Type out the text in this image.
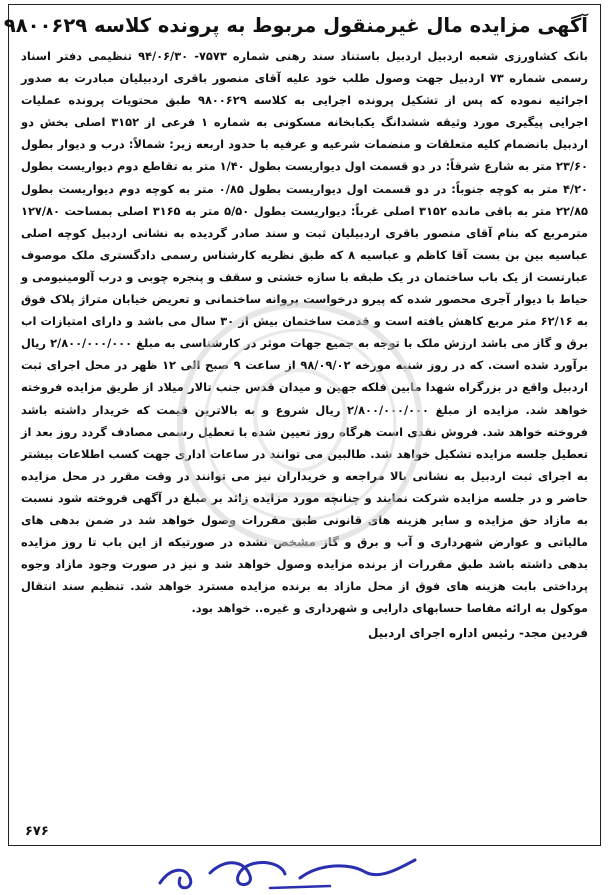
آگهی مزایده مال غیرمنقول مربوط به پرونده کلاسه ۹۸۰۰۶۲۹
بانک کشاورزی شعبه اردبیل اردبیل باستناد سند رهنی شماره ۷۵۷۳- ۹۴/۰۶/۳۰ تنظیمی دفتر اسناد رسمی شماره ۷۳ اردبیل جهت وصول طلب خود علیه آقای منصور باقری اردبیلیان مبادرت به صدور اجرائیه نموده که پس از تشکیل پرونده اجرایی به کلاسه ۹۸۰۰۶۲۹ طبق محتویات پرونده عملیات اجرایی پیگیری مورد وثیقه ششدانگ یکبابخانه مسکونی به شماره ۱ فرعی از ۳۱۵۲ اصلی بخش دو اردبیل بانضمام کلیه متعلقات و منضمات شرعیه و عرفیه با حدود اربعه زیر: شمالاً: درب و دیوار بطول ۲۳/۶۰ متر به شارع شرقاً: در دو قسمت اول دیواریست بطول ۱/۴۰ متر به تقاطع دوم دیواریست بطول ۴/۲۰ متر به کوچه جنوباً: در دو قسمت اول دیواریست بطول ۰/۸۵ متر به کوچه دوم دیواریست بطول ۲۲/۸۵ متر به باقی مانده ۳۱۵۲ اصلی غرباً: دیواریست بطول ۵/۵۰ متر به ۳۱۶۵ اصلی بمساحت ۱۲۷/۸۰ مترمربع که بنام آقای منصور باقری اردبیلیان ثبت و سند صادر گردیده به نشانی اردبیل کوچه اصلی عباسیه بین بن بست آقا کاظم و عباسیه ۸ که طبق نظریه کارشناس رسمی دادگستری ملک موصوف عبارتست از یک باب ساختمان در یک طبقه با سازه خشتی و سقف و پنجره چوبی و درب آلومینیومی و حیاط با دیوار آجری محصور شده که پیرو درخواست پروانه ساختمانی و تعریض خیابان متراژ پلاک فوق به ۶۲/۱۶ متر مربع کاهش یافته است و قدمت ساختمان بیش از ۳۰ سال می باشد و دارای امتیازات اب برق و گاز می باشد ارزش ملک با توجه به جمیع جهات موثر در کارشناسی به مبلغ ۲/۸۰۰/۰۰۰/۰۰۰ ریال برآورد شده است. که در روز شنبه مورخه ۹۸/۰۹/۰۲ از ساعت ۹ صبح الی ۱۲ ظهر در محل اجرای ثبت اردبیل واقع در بزرگراه شهدا مابین فلکه جهین و میدان قدس جنب تالار میلاد از طریق مزایده فروخته خواهد شد. مزایده از مبلغ ۲/۸۰۰/۰۰۰/۰۰۰ ریال شروع و به بالاترین قیمت که خریدار داشته باشد فروخته خواهد شد. فروش نقدی است هرگاه روز تعیین شده با تعطیل رسمی مصادف گردد روز بعد از تعطیل جلسه مزایده تشکیل خواهد شد. طالبین می توانند در ساعات اداری جهت کسب اطلاعات بیشتر به اجرای ثبت اردبیل به نشانی بالا مراجعه و خریداران نیز می توانند در وقت مقرر در محل مزایده حاضر و در جلسه مزایده شرکت نمایند و چنانچه مورد مزایده زائد بر مبلغ در آگهی فروخته شود نسبت به مازاد حق مزایده و سایر هزینه های قانونی طبق مقررات وصول خواهد شد در ضمن بدهی های مالیاتی و عوارض شهرداری و آب و برق و گاز مشخص نشده در صورتیکه از این باب تا روز مزایده بدهی داشته باشد طبق مقررات از برنده مزایده وصول خواهد شد و نیز در صورت وجود مازاد وجوه پرداختی بابت هزینه های فوق از محل مازاد به برنده مزایده مسترد خواهد شد. تنظیم سند انتقال موکول به ارائه مفاصا حسابهای دارایی و شهرداری و غیره.. خواهد بود.
فردین مجد- رئیس اداره اجرای اردبیل
۶۷۶
